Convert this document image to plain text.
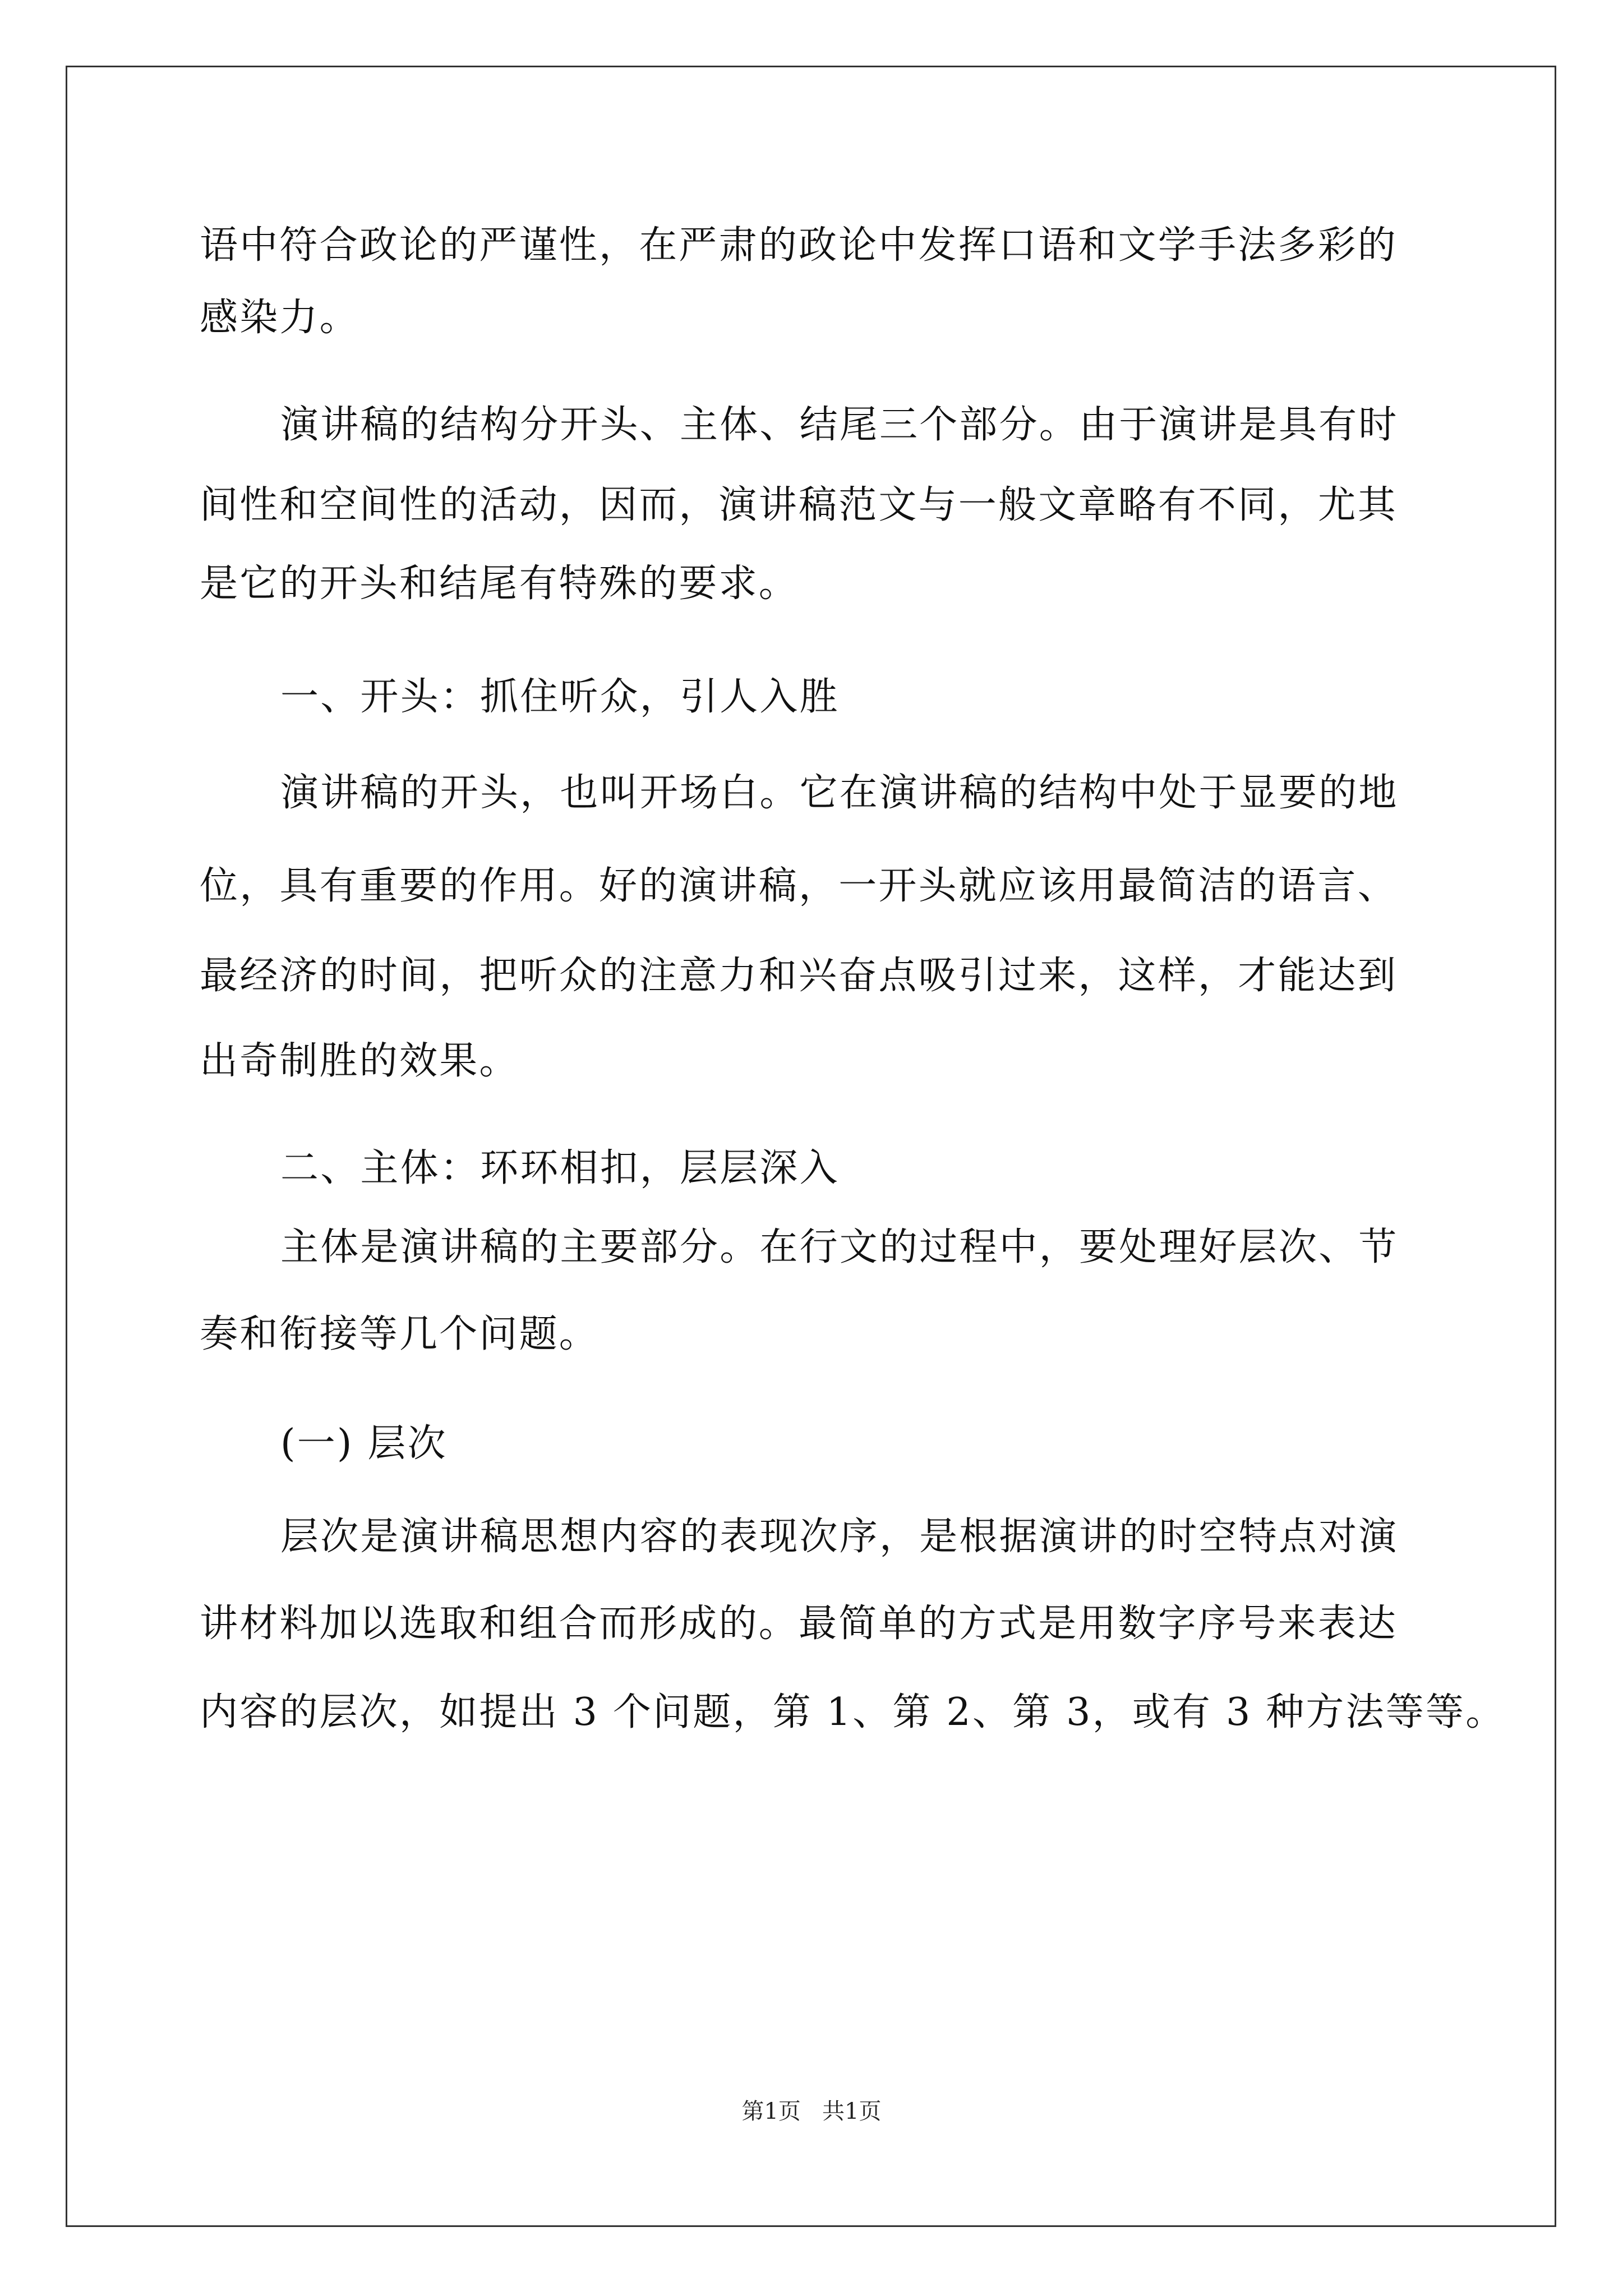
语中符合政论的严谨性，在严肃的政论中发挥口语和文学手法多彩的
感染力。
演讲稿的结构分开头、主体、结尾三个部分。由于演讲是具有时
间性和空间性的活动，因而，演讲稿范文与一般文章略有不同，尤其
是它的开头和结尾有特殊的要求。
一、开头：抓住听众，引人入胜
演讲稿的开头，也叫开场白。它在演讲稿的结构中处于显要的地
位，具有重要的作用。好的演讲稿，一开头就应该用最简洁的语言、
最经济的时间，把听众的注意力和兴奋点吸引过来，这样，才能达到
出奇制胜的效果。
二、主体：环环相扣，层层深入
主体是演讲稿的主要部分。在行文的过程中，要处理好层次、节
奏和衔接等几个问题。
(一) 层次
层次是演讲稿思想内容的表现次序，是根据演讲的时空特点对演
讲材料加以选取和组合而形成的。最简单的方式是用数字序号来表达
内容的层次，如提出 3 个问题，第 1、第 2、第 3，或有 3 种方法等等。
第1页   共1页
